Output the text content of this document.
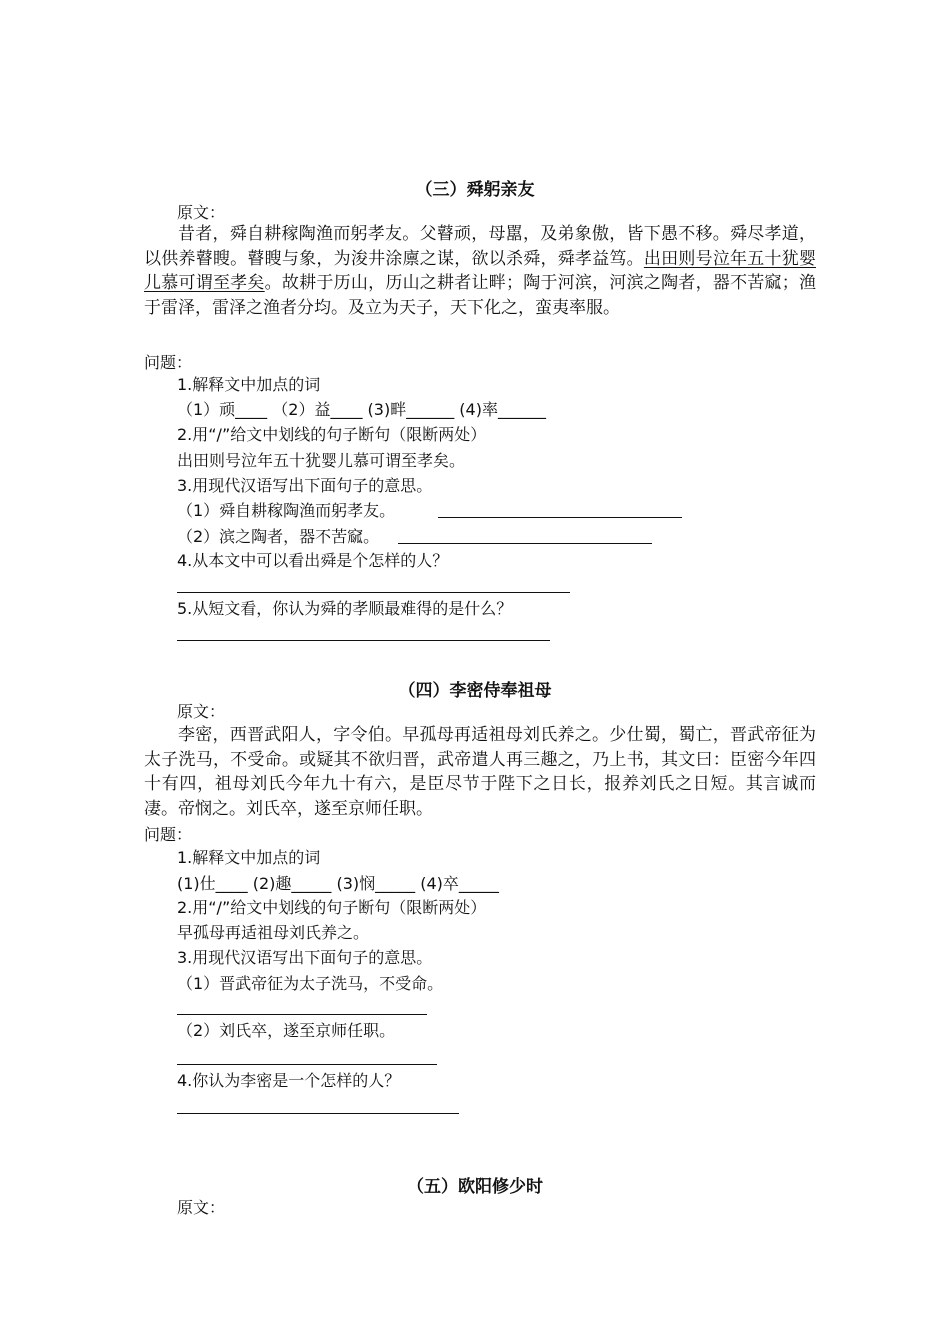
（三）舜躬亲友
原文：
昔者，舜自耕稼陶渔而躬孝友。父瞽顽，母嚚，及弟象傲，皆下愚不移。舜尽孝道，以供养瞽瞍。瞽瞍与象，为浚井涂廪之谋，欲以杀舜，舜孝益笃。出田则号泣年五十犹婴儿慕可谓至孝矣。故耕于历山，历山之耕者让畔；陶于河滨，河滨之陶者，器不苦窳；渔于雷泽，雷泽之渔者分均。及立为天子，天下化之，蛮夷率服。
问题：
1.解释文中加点的词
（1）顽____ （2）益____ (3)畔______ (4)率______
2.用“/”给文中划线的句子断句（限断两处）
出田则号泣年五十犹婴儿慕可谓至孝矣。
3.用现代汉语写出下面句子的意思。
（1）舜自耕稼陶渔而躬孝友。
（2）滨之陶者，器不苦窳。
4.从本文中可以看出舜是个怎样的人？
5.从短文看，你认为舜的孝顺最难得的是什么？
（四）李密侍奉祖母
原文：
李密，西晋武阳人，字令伯。早孤母再适祖母刘氏养之。少仕蜀，蜀亡，晋武帝征为太子洗马，不受命。或疑其不欲归晋，武帝遣人再三趣之，乃上书，其文曰：臣密今年四十有四，祖母刘氏今年九十有六，是臣尽节于陛下之日长，报养刘氏之日短。其言诚而凄。帝悯之。刘氏卒，遂至京师任职。
问题：
1.解释文中加点的词
(1)仕____ (2)趣_____ (3)悯_____ (4)卒_____
2.用“/”给文中划线的句子断句（限断两处）
早孤母再适祖母刘氏养之。
3.用现代汉语写出下面句子的意思。
（1）晋武帝征为太子洗马，不受命。
（2）刘氏卒，遂至京师任职。
4.你认为李密是一个怎样的人？
（五）欧阳修少时
原文：
